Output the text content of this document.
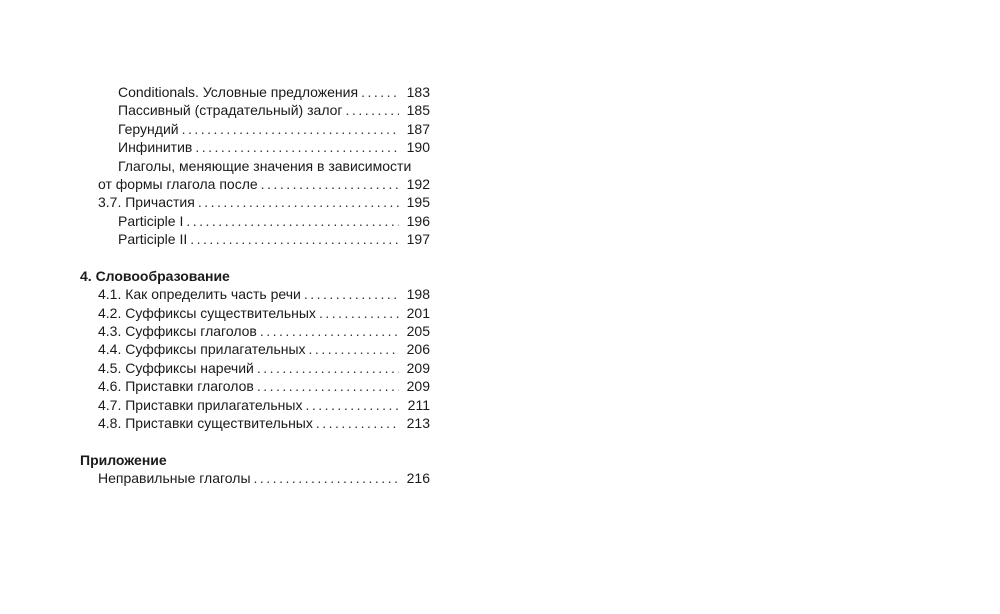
Conditionals. Условные предложения .....	183
Пассивный (страдательный) залог .....	185
Герундий .....	187
Инфинитив .....	190
Глаголы, меняющие значения в зависимости
от формы глагола после .....	192
3.7. Причастия .....	195
Participle I .....	196
Participle II .....	197
4. Словообразование
4.1. Как определить часть речи .....	198
4.2. Суффиксы существительных .....	201
4.3. Суффиксы глаголов .....	205
4.4. Суффиксы прилагательных .....	206
4.5. Суффиксы наречий .....	209
4.6. Приставки глаголов .....	209
4.7. Приставки прилагательных .....	211
4.8. Приставки существительных .....	213
Приложение
Неправильные глаголы .....	216
